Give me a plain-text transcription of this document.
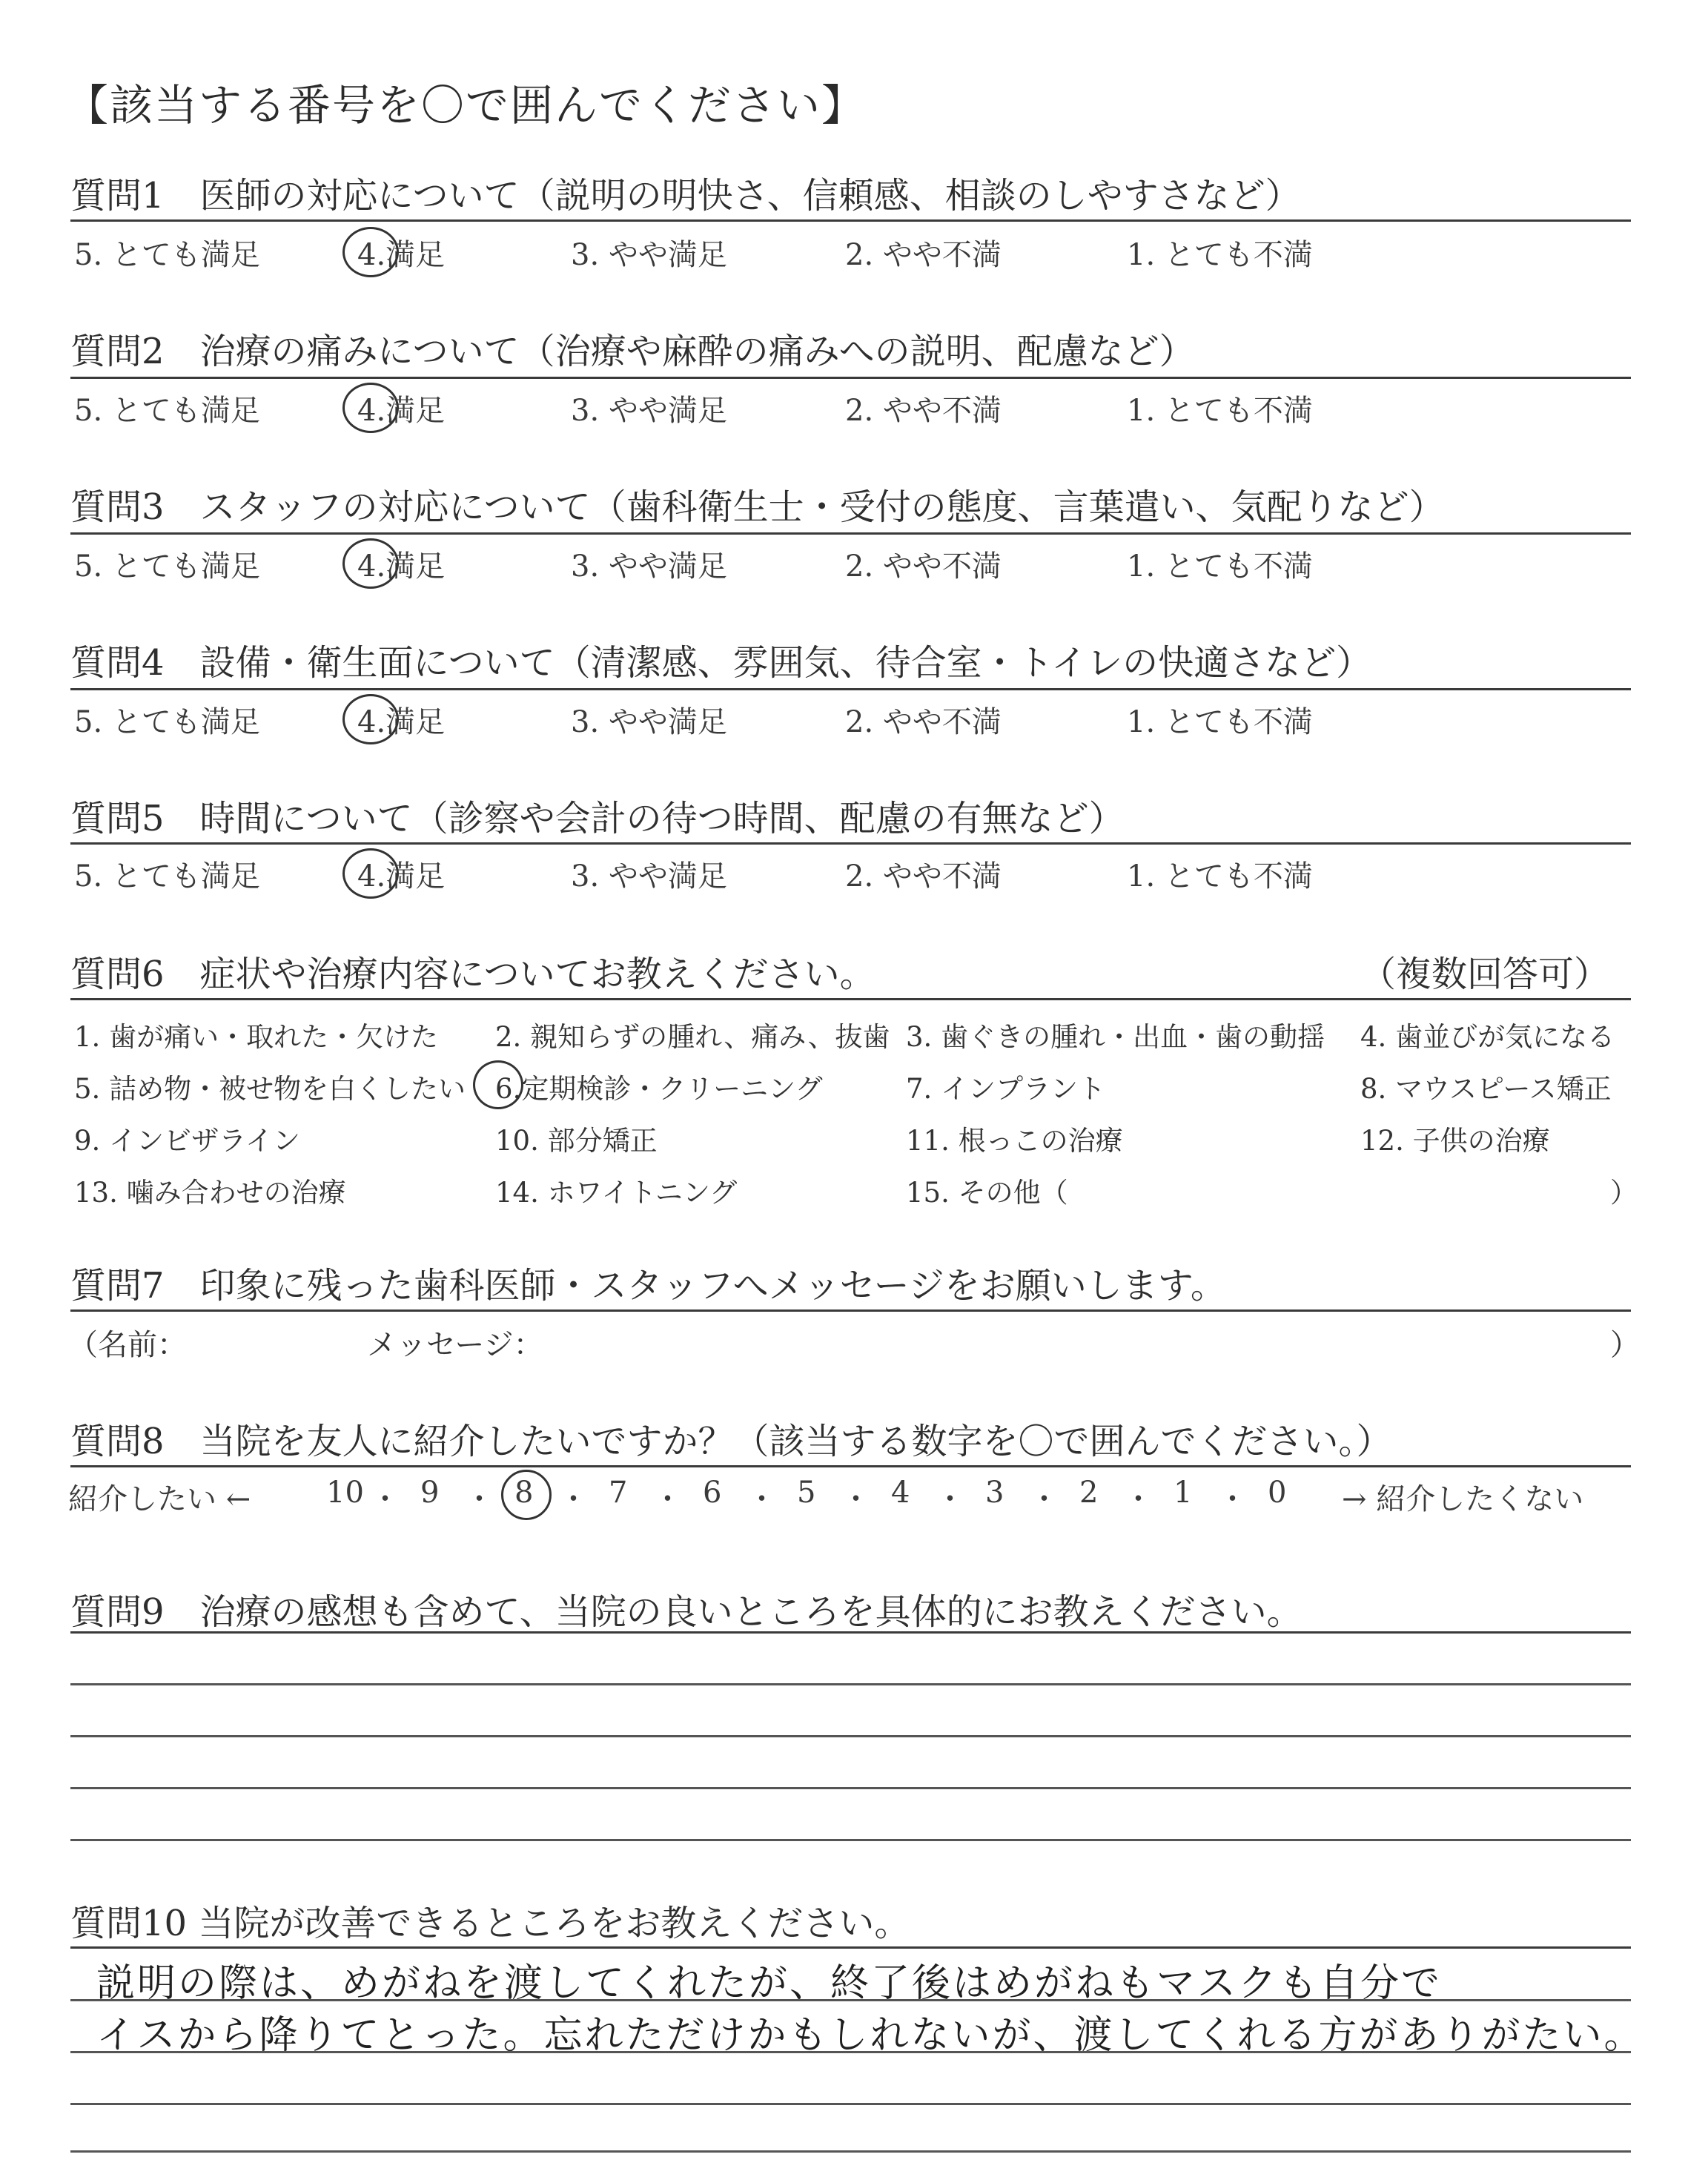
【該当する番号を〇で囲んでください】
質問1　医師の対応について（説明の明快さ、信頼感、相談のしやすさなど）
5. とても満足	4.満足	3. やや満足	2. やや不満	1. とても不満
質問2　治療の痛みについて（治療や麻酔の痛みへの説明、配慮など）
5. とても満足	4.満足	3. やや満足	2. やや不満	1. とても不満
質問3　スタッフの対応について（歯科衛生士・受付の態度、言葉遣い、気配りなど）
5. とても満足	4.満足	3. やや満足	2. やや不満	1. とても不満
質問4　設備・衛生面について（清潔感、雰囲気、待合室・トイレの快適さなど）
5. とても満足	4.満足	3. やや満足	2. やや不満	1. とても不満
質問5　時間について（診察や会計の待つ時間、配慮の有無など）
5. とても満足	4.満足	3. やや満足	2. やや不満	1. とても不満
質問6　症状や治療内容についてお教えください。	（複数回答可）
1. 歯が痛い・取れた・欠けた 2. 親知らずの腫れ、痛み、抜歯 3. 歯ぐきの腫れ・出血・歯の動揺 4. 歯並びが気になる
5. 詰め物・被せ物を白くしたい 6.定期検診・クリーニング	7. インプラント	8. マウスピース矯正
9. インビザライン	10. 部分矯正	11. 根っこの治療	12. 子供の治療
13. 噛み合わせの治療	14. ホワイトニング	15. その他（	）
質問7　印象に残った歯科医師・スタッフへメッセージをお願いします。
（名前：	メッセージ：	）
質問8　当院を友人に紹介したいですか？（該当する数字を〇で囲んでください。）
紹介したい ←	→ 紹介したくない
10 ・ 9 ・ 8 ・ 7 ・ 6 ・ 5 ・ 4 ・ 3 ・ 2 ・ 1 ・ 0
質問9　治療の感想も含めて、当院の良いところを具体的にお教えください。
質問10 当院が改善できるところをお教えください。
説明の際は、めがねを渡してくれたが、終了後はめがねもマスクも自分で
イスから降りてとった。忘れただけかもしれないが、渡してくれる方がありがたい。
